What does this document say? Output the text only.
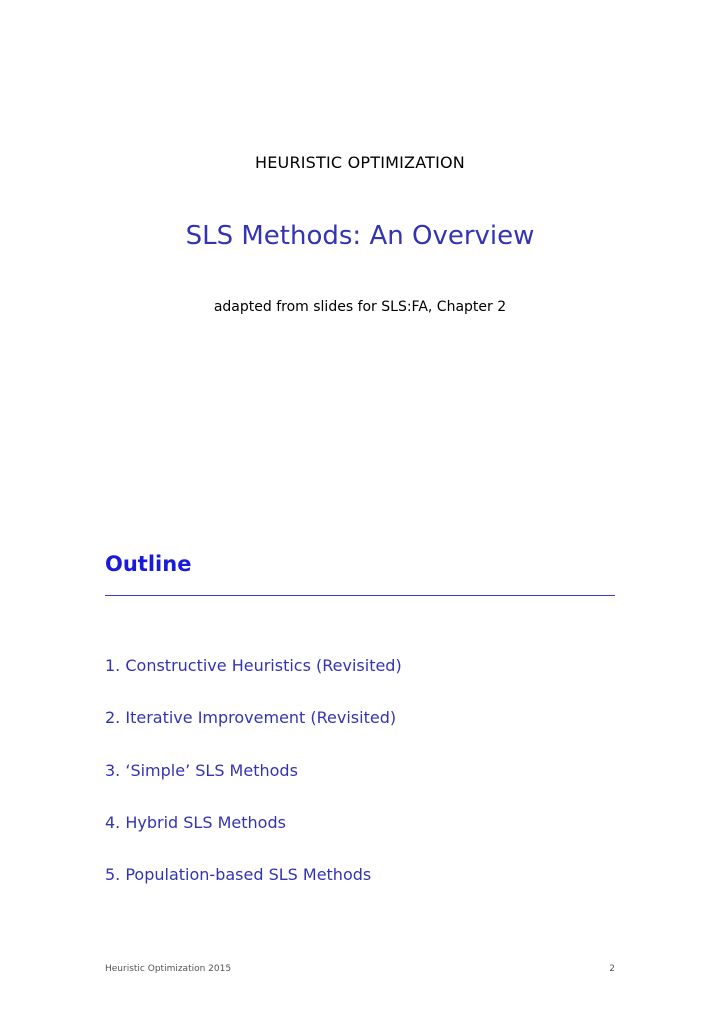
HEURISTIC OPTIMIZATION
SLS Methods: An Overview
adapted from slides for SLS:FA, Chapter 2
Outline
1. Constructive Heuristics (Revisited)
2. Iterative Improvement (Revisited)
3. ‘Simple’ SLS Methods
4. Hybrid SLS Methods
5. Population-based SLS Methods
Heuristic Optimization 2015	2
